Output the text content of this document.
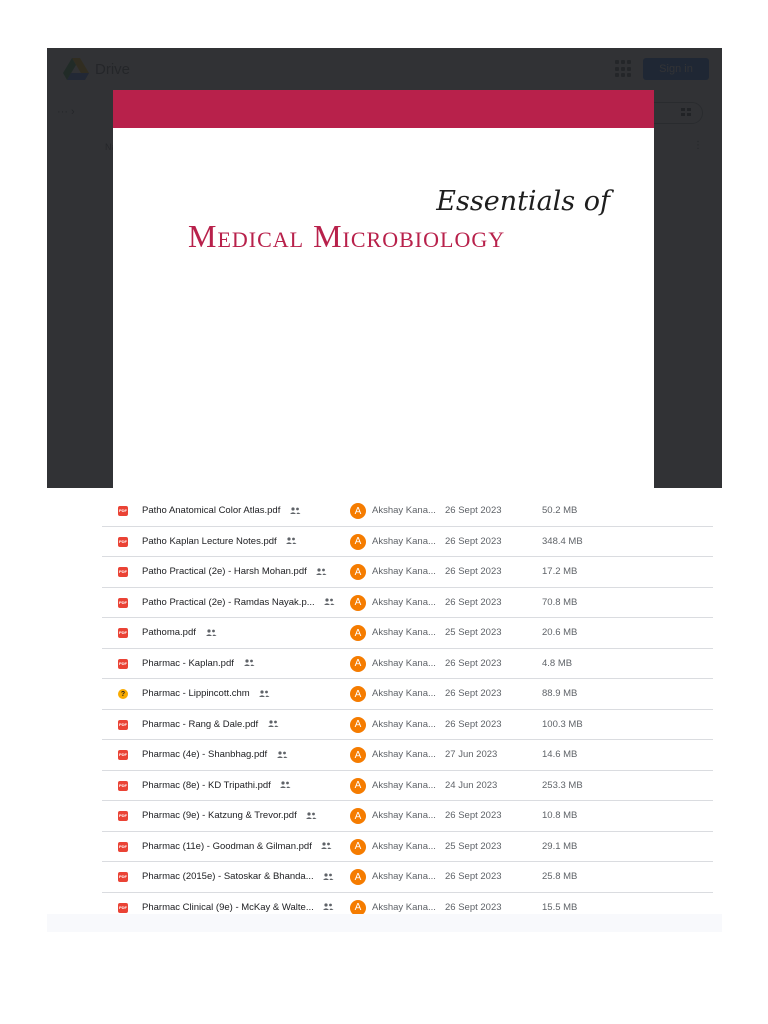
Essentials of
Medical Microbiology
PDF Patho Anatomical Color Atlas.pdf	A	Akshay Kana... 26 Sept 2023	50.2 MB
PDF Patho Kaplan Lecture Notes.pdf	A	Akshay Kana... 26 Sept 2023	348.4 MB
PDF Patho Practical (2e) - Harsh Mohan.pdf	A	Akshay Kana... 26 Sept 2023	17.2 MB
PDF Patho Practical (2e) - Ramdas Nayak.p...	A	Akshay Kana... 26 Sept 2023	70.8 MB
PDF Pathoma.pdf	A	Akshay Kana... 25 Sept 2023	20.6 MB
PDF Pharmac - Kaplan.pdf	A	Akshay Kana... 26 Sept 2023	4.8 MB
?	Pharmac - Lippincott.chm	A	Akshay Kana... 26 Sept 2023	88.9 MB
PDF Pharmac - Rang & Dale.pdf	A	Akshay Kana... 26 Sept 2023	100.3 MB
PDF Pharmac (4e) - Shanbhag.pdf	A	Akshay Kana... 27 Jun 2023	14.6 MB
PDF Pharmac (8e) - KD Tripathi.pdf	A	Akshay Kana... 24 Jun 2023	253.3 MB
PDF Pharmac (9e) - Katzung & Trevor.pdf	A	Akshay Kana... 26 Sept 2023	10.8 MB
PDF Pharmac (11e) - Goodman & Gilman.pdf	A	Akshay Kana... 25 Sept 2023	29.1 MB
PDF Pharmac (2015e) - Satoskar & Bhanda...	A	Akshay Kana... 26 Sept 2023	25.8 MB
PDF Pharmac Clinical (9e) - McKay & Walte...	A	Akshay Kana... 26 Sept 2023	15.5 MB
